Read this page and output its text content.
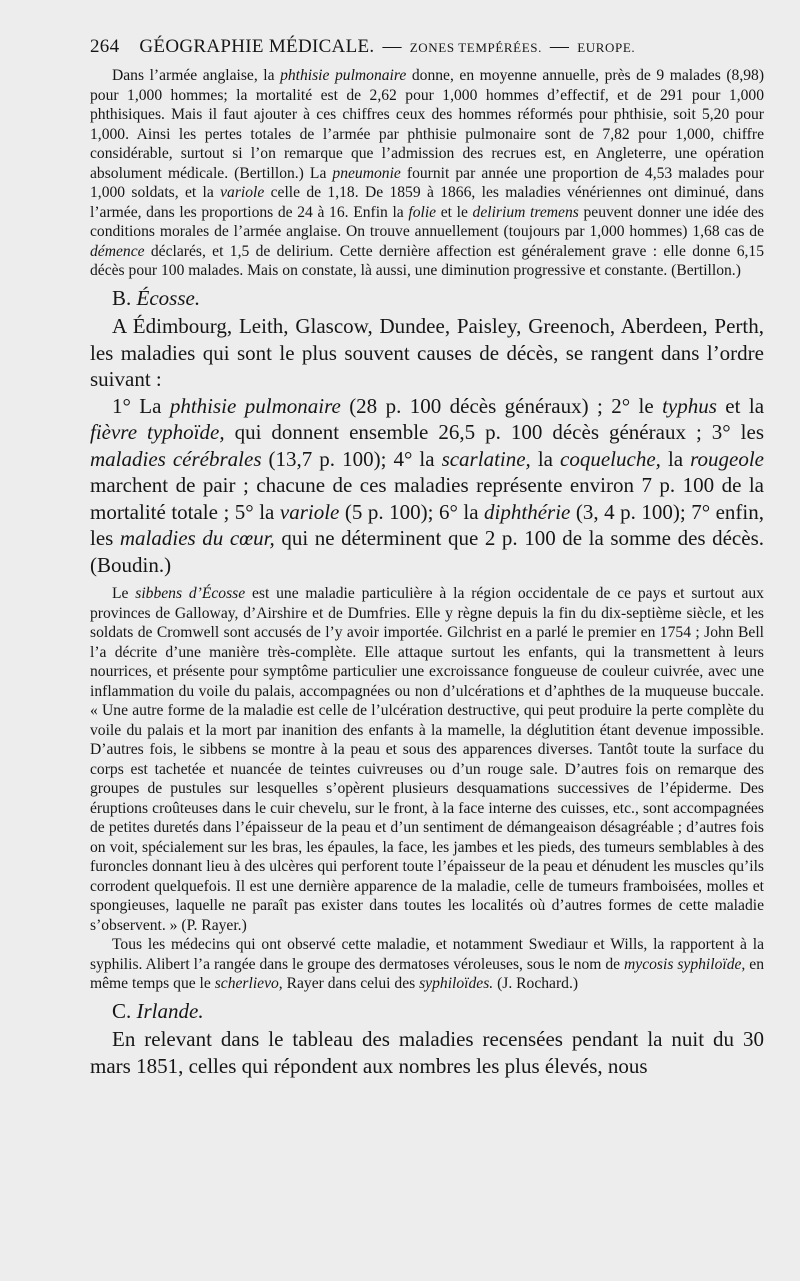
264 GÉOGRAPHIE MÉDICALE. — ZONES TEMPÉRÉES. — EUROPE.

Dans l’armée anglaise, la phthisie pulmonaire donne, en moyenne annuelle, près de 9 malades (8,98) pour 1,000 hommes; la mortalité est de 2,62 pour 1,000 hommes d’effectif, et de 291 pour 1,000 phthisiques. Mais il faut ajouter à ces chiffres ceux des hommes réformés pour phthisie, soit 5,20 pour 1,000. Ainsi les pertes totales de l’armée par phthisie pulmonaire sont de 7,82 pour 1,000, chiffre considérable, surtout si l’on remarque que l’admission des recrues est, en Angleterre, une opération absolument médicale. (Bertillon.) La pneumonie fournit par année une proportion de 4,53 malades pour 1,000 soldats, et la variole celle de 1,18. De 1859 à 1866, les maladies vénériennes ont diminué, dans l’armée, dans les proportions de 24 à 16. Enfin la folie et le delirium tremens peuvent donner une idée des conditions morales de l’armée anglaise. On trouve annuellement (toujours par 1,000 hommes) 1,68 cas de démence déclarés, et 1,5 de delirium. Cette dernière affection est généralement grave : elle donne 6,15 décès pour 100 malades. Mais on constate, là aussi, une diminution progressive et constante. (Bertillon.)

B. Écosse.

A Édimbourg, Leith, Glascow, Dundee, Paisley, Greenoch, Aberdeen, Perth, les maladies qui sont le plus souvent causes de décès, se rangent dans l’ordre suivant :

1° La phthisie pulmonaire (28 p. 100 décès généraux) ; 2° le typhus et la fièvre typhoïde, qui donnent ensemble 26,5 p. 100 décès généraux ; 3° les maladies cérébrales (13,7 p. 100); 4° la scarlatine, la coqueluche, la rougeole marchent de pair ; chacune de ces maladies représente environ 7 p. 100 de la mortalité totale ; 5° la variole (5 p. 100); 6° la diphthérie (3, 4 p. 100); 7° enfin, les maladies du cœur, qui ne déterminent que 2 p. 100 de la somme des décès. (Boudin.)

Le sibbens d’Écosse est une maladie particulière à la région occidentale de ce pays et surtout aux provinces de Galloway, d’Airshire et de Dumfries. Elle y règne depuis la fin du dix-septième siècle, et les soldats de Cromwell sont accusés de l’y avoir importée. Gilchrist en a parlé le premier en 1754 ; John Bell l’a décrite d’une manière très-complète. Elle attaque surtout les enfants, qui la transmettent à leurs nourrices, et présente pour symptôme particulier une excroissance fongueuse de couleur cuivrée, avec une inflammation du voile du palais, accompagnées ou non d’ulcérations et d’aphthes de la muqueuse buccale. « Une autre forme de la maladie est celle de l’ulcération destructive, qui peut produire la perte complète du voile du palais et la mort par inanition des enfants à la mamelle, la déglutition étant devenue impossible. D’autres fois, le sibbens se montre à la peau et sous des apparences diverses. Tantôt toute la surface du corps est tachetée et nuancée de teintes cuivreuses ou d’un rouge sale. D’autres fois on remarque des groupes de pustules sur lesquelles s’opèrent plusieurs desquamations successives de l’épiderme. Des éruptions croûteuses dans le cuir chevelu, sur le front, à la face interne des cuisses, etc., sont accompagnées de petites duretés dans l’épaisseur de la peau et d’un sentiment de démangeaison désagréable ; d’autres fois on voit, spécialement sur les bras, les épaules, la face, les jambes et les pieds, des tumeurs semblables à des furoncles donnant lieu à des ulcères qui perforent toute l’épaisseur de la peau et dénudent les muscles qu’ils corrodent quelquefois. Il est une dernière apparence de la maladie, celle de tumeurs framboisées, molles et spongieuses, laquelle ne paraît pas exister dans toutes les localités où d’autres formes de cette maladie s’observent. » (P. Rayer.)

Tous les médecins qui ont observé cette maladie, et notamment Swediaur et Wills, la rapportent à la syphilis. Alibert l’a rangée dans le groupe des dermatoses véroleuses, sous le nom de mycosis syphiloïde, en même temps que le scherlievo, Rayer dans celui des syphiloïdes. (J. Rochard.)

C. Irlande.

En relevant dans le tableau des maladies recensées pendant la nuit du 30 mars 1851, celles qui répondent aux nombres les plus élevés, nous
